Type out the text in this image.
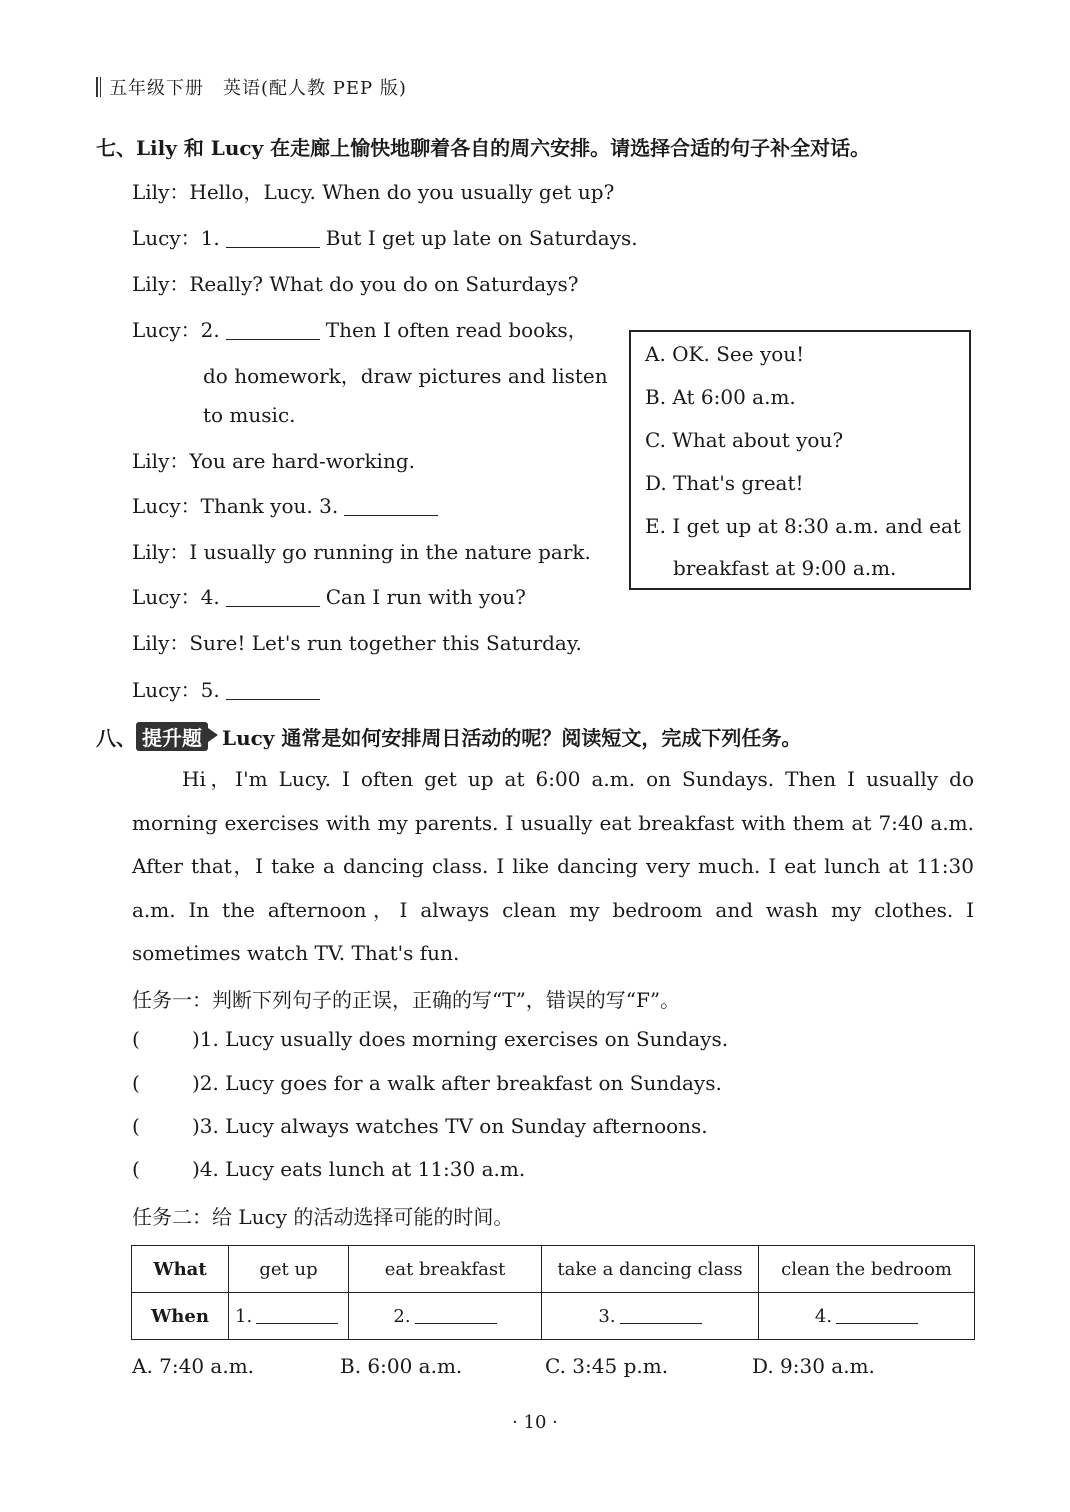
五年级下册　英语(配人教 PEP 版)
七、Lily 和 Lucy 在走廊上愉快地聊着各自的周六安排。请选择合适的句子补全对话。
Lily：Hello，Lucy. When do you usually get up?
Lucy：1.	But I get up late on Saturdays.
Lily：Really? What do you do on Saturdays?
Lucy：2.	Then I often read books，
do homework，draw pictures and listen
to music.
Lily：You are hard-working.
Lucy：Thank you. 3.
Lily：I usually go running in the nature park.
Lucy：4.	Can I run with you?
Lily：Sure! Let's run together this Saturday.
Lucy：5.
A. OK. See you!
B. At 6:00 a.m.
C. What about you?
D. That's great!
E. I get up at 8:30 a.m. and eat
breakfast at 9:00 a.m.
八、 提升题 Lucy 通常是如何安排周日活动的呢？阅读短文，完成下列任务。

Hi，I'm Lucy. I often get up at 6:00 a.m. on Sundays. Then I usually do morning exercises with my parents. I usually eat breakfast with them at 7:40 a.m. After that，I take a dancing class. I like dancing very much. I eat lunch at 11:30 a.m. In the afternoon，I always clean my bedroom and wash my clothes. I sometimes watch TV. That's fun.

任务一：判断下列句子的正误，正确的写“T”，错误的写“F”。
(	)1. Lucy usually does morning exercises on Sundays.
(	)2. Lucy goes for a walk after breakfast on Sundays.
(	)3. Lucy always watches TV on Sunday afternoons.
(	)4. Lucy eats lunch at 11:30 a.m.
任务二：给 Lucy 的活动选择可能的时间。
What	get up	eat breakfast	take a dancing class	clean the bedroom
When	1.	2.	3.	4.
A. 7:40 a.m.	B. 6:00 a.m.	C. 3:45 p.m.	D. 9:30 a.m.
· 10 ·
